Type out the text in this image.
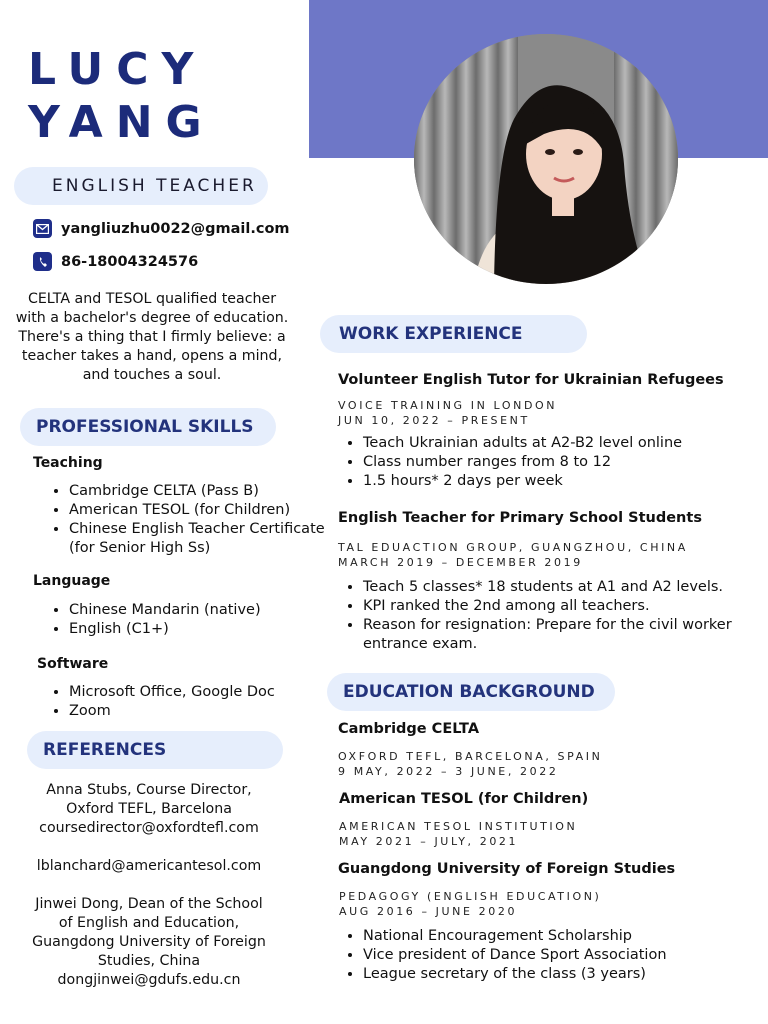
LUCY
YANG
ENGLISH TEACHER
yangliuzhu0022@gmail.com
86-18004324576
CELTA and TESOL qualified teacher with a bachelor's degree of education. There's a thing that I firmly believe: a teacher takes a hand, opens a mind, and touches a soul.
PROFESSIONAL SKILLS
Teaching
• Cambridge CELTA (Pass B)
• American TESOL (for Children)
• Chinese English Teacher Certificate (for Senior High Ss)
Language
• Chinese Mandarin (native)
• English (C1+)
Software
• Microsoft Office, Google Doc
• Zoom
REFERENCES
Anna Stubs, Course Director,
Oxford TEFL, Barcelona
coursedirector@oxfordtefl.com
lblanchard@americantesol.com
Jinwei Dong, Dean of the School
of English and Education,
Guangdong University of Foreign
Studies, China
dongjinwei@gdufs.edu.cn
WORK EXPERIENCE
Volunteer English Tutor for Ukrainian Refugees
VOICE TRAINING IN LONDON
JUN 10, 2022 – PRESENT
• Teach Ukrainian adults at A2-B2 level online
• Class number ranges from 8 to 12
• 1.5 hours* 2 days per week
English Teacher for Primary School Students
TAL EDUACTION GROUP, GUANGZHOU, CHINA
MARCH 2019 – DECEMBER 2019
• Teach 5 classes* 18 students at A1 and A2 levels.
• KPI ranked the 2nd among all teachers.
• Reason for resignation: Prepare for the civil worker entrance exam.
EDUCATION BACKGROUND
Cambridge CELTA
OXFORD TEFL, BARCELONA, SPAIN
9 MAY, 2022 – 3 JUNE, 2022
American TESOL (for Children)
AMERICAN TESOL INSTITUTION
MAY 2021 – JULY, 2021
Guangdong University of Foreign Studies
PEDAGOGY (ENGLISH EDUCATION)
AUG 2016 – JUNE 2020
• National Encouragement Scholarship
• Vice president of Dance Sport Association
• League secretary of the class (3 years)
